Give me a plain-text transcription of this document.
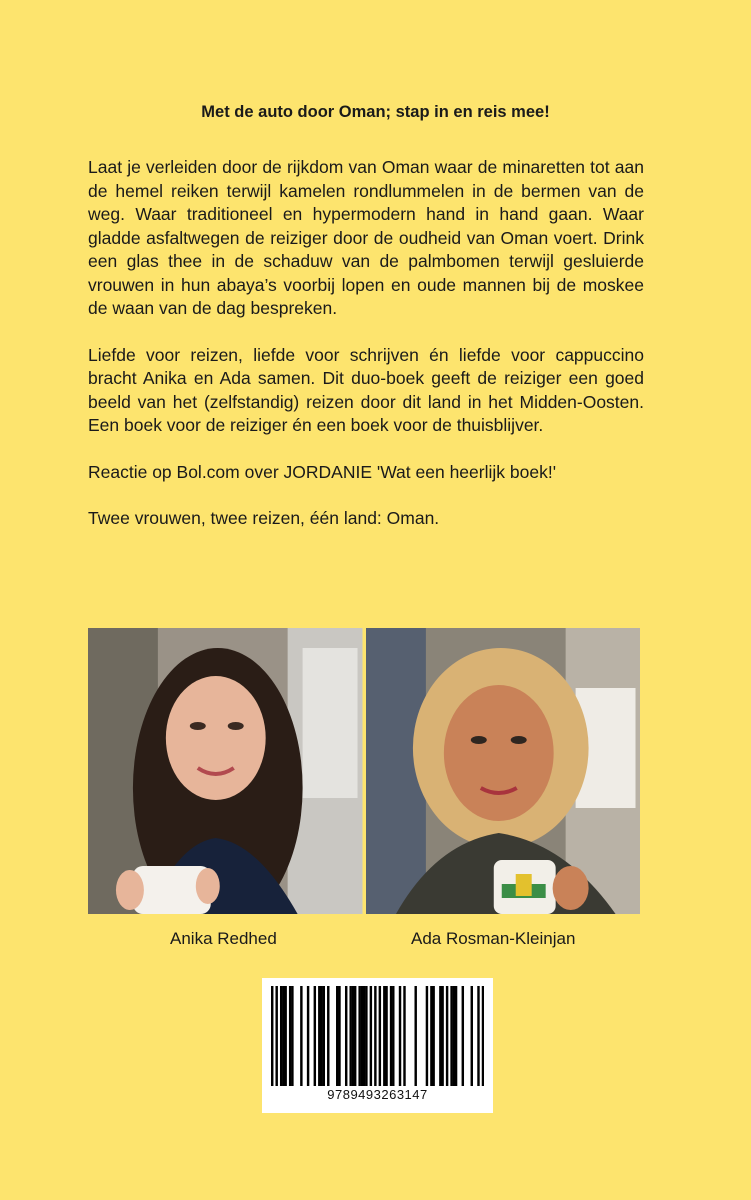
Met de auto door Oman; stap in en reis mee!

Laat je verleiden door de rijkdom van Oman waar de minaretten tot aan de hemel reiken terwijl kamelen rondlummelen in de bermen van de weg. Waar traditioneel en hypermodern hand in hand gaan. Waar gladde asfaltwegen de reiziger door de oudheid van Oman voert. Drink een glas thee in de schaduw van de palmbomen terwijl gesluierde vrouwen in hun abaya’s voorbij lopen en oude mannen bij de moskee de waan van de dag bespreken.

Liefde voor reizen, liefde voor schrijven én liefde voor cappuccino bracht Anika en Ada samen. Dit duo-boek geeft de reiziger een goed beeld van het (zelfstandig) reizen door dit land in het Midden-Oosten. Een boek voor de reiziger én een boek voor de thuisblijver.

Reactie op Bol.com over JORDANIE 'Wat een heerlijk boek!'

Twee vrouwen, twee reizen, één land: Oman.

Anika Redhed	Ada Rosman-Kleinjan

9789493263147
